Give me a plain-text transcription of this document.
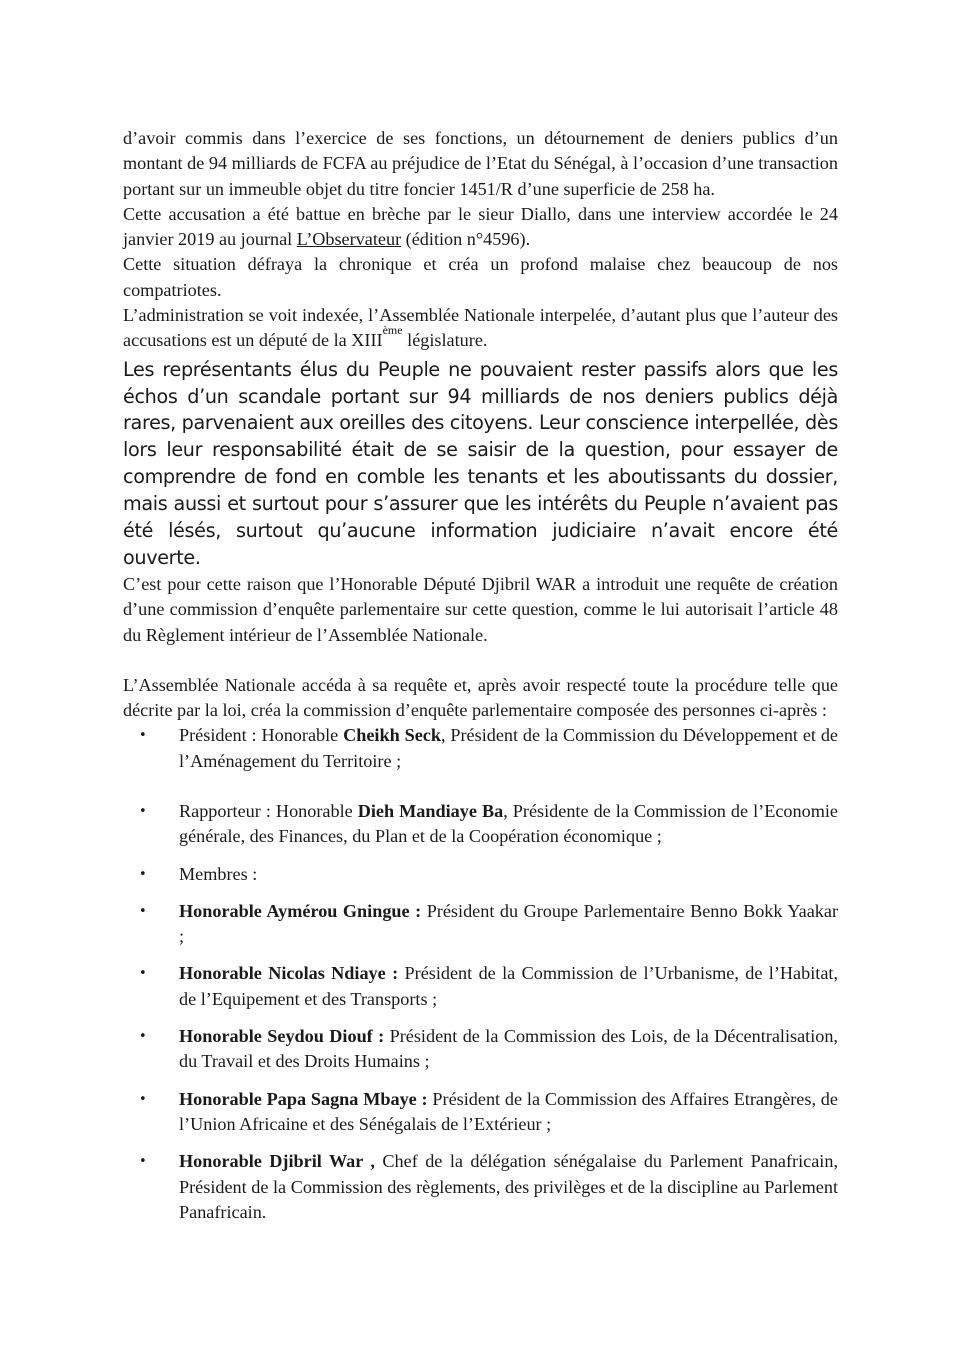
d’avoir commis dans l’exercice de ses fonctions, un détournement de deniers publics d’un montant de 94 milliards de FCFA au préjudice de l’Etat du Sénégal, à l’occasion d’une transaction portant sur un immeuble objet du titre foncier 1451/R d’une superficie de 258 ha.

Cette accusation a été battue en brèche par le sieur Diallo, dans une interview accordée le 24 janvier 2019 au journal L’Observateur (édition n°4596).

Cette situation défraya la chronique et créa un profond malaise chez beaucoup de nos compatriotes.

L’administration se voit indexée, l’Assemblée Nationale interpelée, d’autant plus que l’auteur des accusations est un député de la XIIIème législature.

Les représentants élus du Peuple ne pouvaient rester passifs alors que les échos d’un scandale portant sur 94 milliards de nos deniers publics déjà rares, parvenaient aux oreilles des citoyens. Leur conscience interpellée, dès lors leur responsabilité était de se saisir de la question, pour essayer de comprendre de fond en comble les tenants et les aboutissants du dossier, mais aussi et surtout pour s’assurer que les intérêts du Peuple n’avaient pas été lésés, surtout qu’aucune information judiciaire n’avait encore été ouverte.

C’est pour cette raison que l’Honorable Député Djibril WAR a introduit une requête de création d’une commission d’enquête parlementaire sur cette question, comme le lui autorisait l’article 48 du Règlement intérieur de l’Assemblée Nationale.

L’Assemblée Nationale accéda à sa requête et, après avoir respecté toute la procédure telle que décrite par la loi, créa la commission d’enquête parlementaire composée des personnes ci-après :

• Président : Honorable Cheikh Seck, Président de la Commission du Développement et de l’Aménagement du Territoire ;
• Rapporteur : Honorable Dieh Mandiaye Ba, Présidente de la Commission de l’Economie générale, des Finances, du Plan et de la Coopération économique ;
• Membres :
• Honorable Aymérou Gningue : Président du Groupe Parlementaire Benno Bokk Yaakar ;
• Honorable Nicolas Ndiaye : Président de la Commission de l’Urbanisme, de l’Habitat, de l’Equipement et des Transports ;
• Honorable Seydou Diouf : Président de la Commission des Lois, de la Décentralisation, du Travail et des Droits Humains ;
• Honorable Papa Sagna Mbaye : Président de la Commission des Affaires Etrangères, de l’Union Africaine et des Sénégalais de l’Extérieur ;
• Honorable Djibril War , Chef de la délégation sénégalaise du Parlement Panafricain, Président de la Commission des règlements, des privilèges et de la discipline au Parlement Panafricain.
